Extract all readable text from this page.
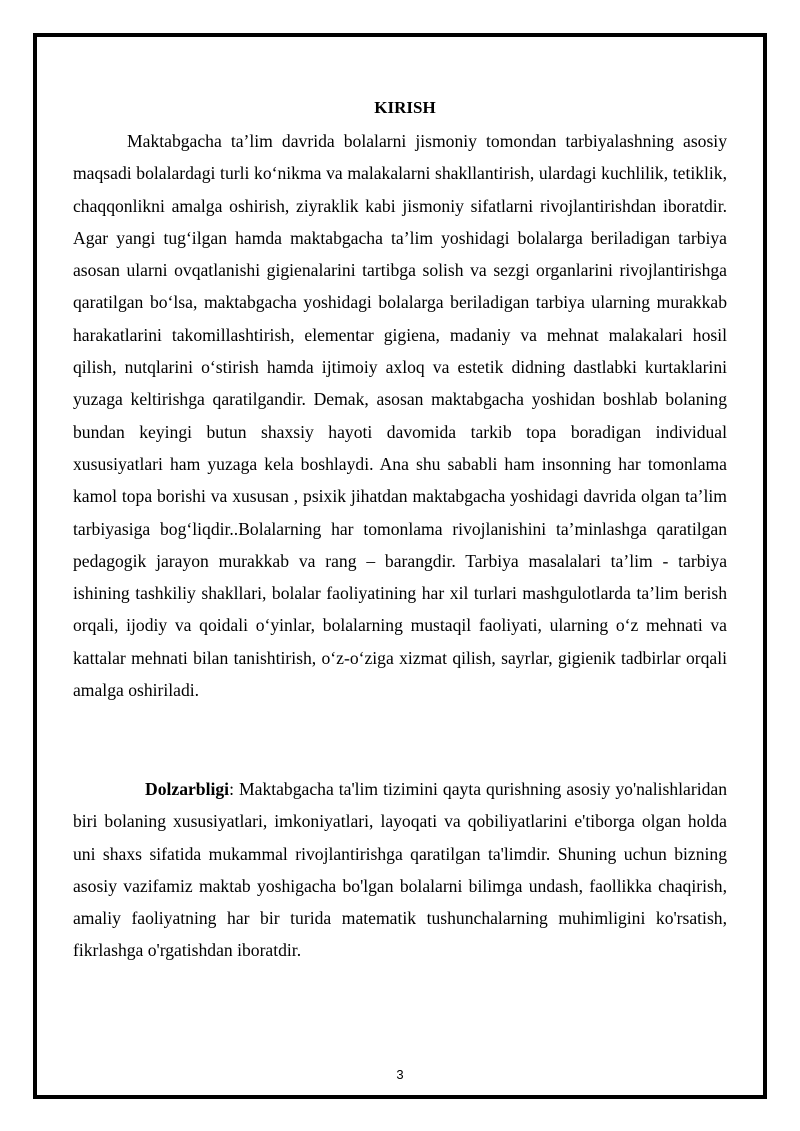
KIRISH

Maktabgacha ta’lim davrida bolalarni jismoniy tomondan tarbiyalashning asosiy maqsadi bolalardagi turli ko‘nikma va malakalarni shakllantirish, ulardagi kuchlilik, tetiklik, chaqqonlikni amalga oshirish, ziyraklik kabi jismoniy sifatlarni rivojlantirishdan iboratdir. Agar yangi tug‘ilgan hamda maktabgacha ta’lim yoshidagi bolalarga beriladigan tarbiya asosan ularni ovqatlanishi gigienalarini tartibga solish va sezgi organlarini rivojlantirishga qaratilgan bo‘lsa, maktabgacha yoshidagi bolalarga beriladigan tarbiya ularning murakkab harakatlarini takomillashtirish, elementar gigiena, madaniy va mehnat malakalari hosil qilish, nutqlarini o‘stirish hamda ijtimoiy axloq va estetik didning dastlabki kurtaklarini yuzaga keltirishga qaratilgandir. Demak, asosan maktabgacha yoshidan boshlab bolaning bundan keyingi butun shaxsiy hayoti davomida tarkib topa boradigan individual xususiyatlari ham yuzaga kela boshlaydi. Ana shu sababli ham insonning har tomonlama kamol topa borishi va xususan , psixik jihatdan maktabgacha yoshidagi davrida olgan ta’lim tarbiyasiga bog‘liqdir..Bolalarning har tomonlama rivojlanishini ta’minlashga qaratilgan pedagogik jarayon murakkab va rang – barangdir. Tarbiya masalalari ta’lim - tarbiya ishining tashkiliy shakllari, bolalar faoliyatining har xil turlari mashgulotlarda ta’lim berish orqali, ijodiy va qoidali o‘yinlar, bolalarning mustaqil faoliyati, ularning o‘z mehnati va kattalar mehnati bilan tanishtirish, o‘z-o‘ziga xizmat qilish, sayrlar, gigienik tadbirlar orqali amalga oshiriladi.

Dolzarbligi: Maktabgacha ta'lim tizimini qayta qurishning asosiy yo'nalishlaridan biri bolaning xususiyatlari, imkoniyatlari, layoqati va qobiliyatlarini e'tiborga olgan holda uni shaxs sifatida mukammal rivojlantirishga qaratilgan ta'limdir. Shuning uchun bizning asosiy vazifamiz maktab yoshigacha bo'lgan bolalarni bilimga undash, faollikka chaqirish, amaliy faoliyatning har bir turida matematik tushunchalarning muhimligini ko'rsatish, fikrlashga o'rgatishdan iboratdir.

3
